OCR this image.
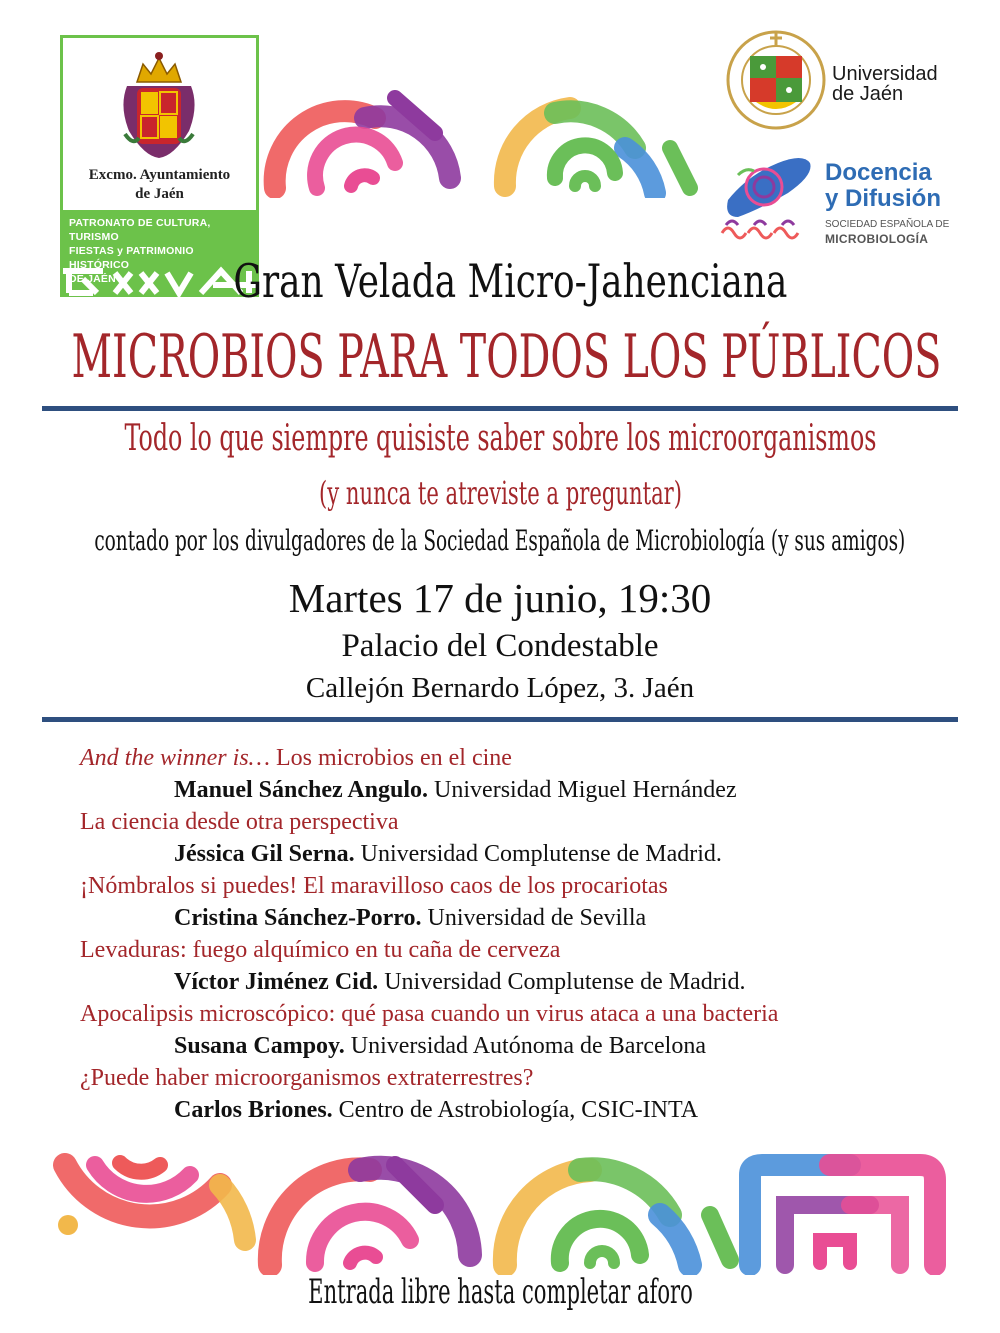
Excmo. Ayuntamiento
de Jaén
PATRONATO DE CULTURA, TURISMO
FIESTAS y PATRIMONIO HISTÓRICO
DE JAÉN
Universidad
de Jaén
Docencia
y Difusión
SOCIEDAD ESPAÑOLA DE
MICROBIOLOGÍA
Gran Velada Micro-Jahenciana
MICROBIOS PARA TODOS LOS PÚBLICOS
Todo lo que siempre quisiste saber sobre los microorganismos
(y nunca te atreviste a preguntar)
contado por los divulgadores de la Sociedad Española de Microbiología (y sus amigos)
Martes 17 de junio, 19:30
Palacio del Condestable
Callejón Bernardo López, 3. Jaén
And the winner is… Los microbios en el cine
Manuel Sánchez Angulo. Universidad Miguel Hernández
La ciencia desde otra perspectiva
Jéssica Gil Serna. Universidad Complutense de Madrid.
¡Nómbralos si puedes! El maravilloso caos de los procariotas
Cristina Sánchez-Porro. Universidad de Sevilla
Levaduras: fuego alquímico en tu caña de cerveza
Víctor Jiménez Cid. Universidad Complutense de Madrid.
Apocalipsis microscópico: qué pasa cuando un virus ataca a una bacteria
Susana Campoy. Universidad Autónoma de Barcelona
¿Puede haber microorganismos extraterrestres?
Carlos Briones. Centro de Astrobiología, CSIC-INTA
Entrada libre hasta completar aforo
